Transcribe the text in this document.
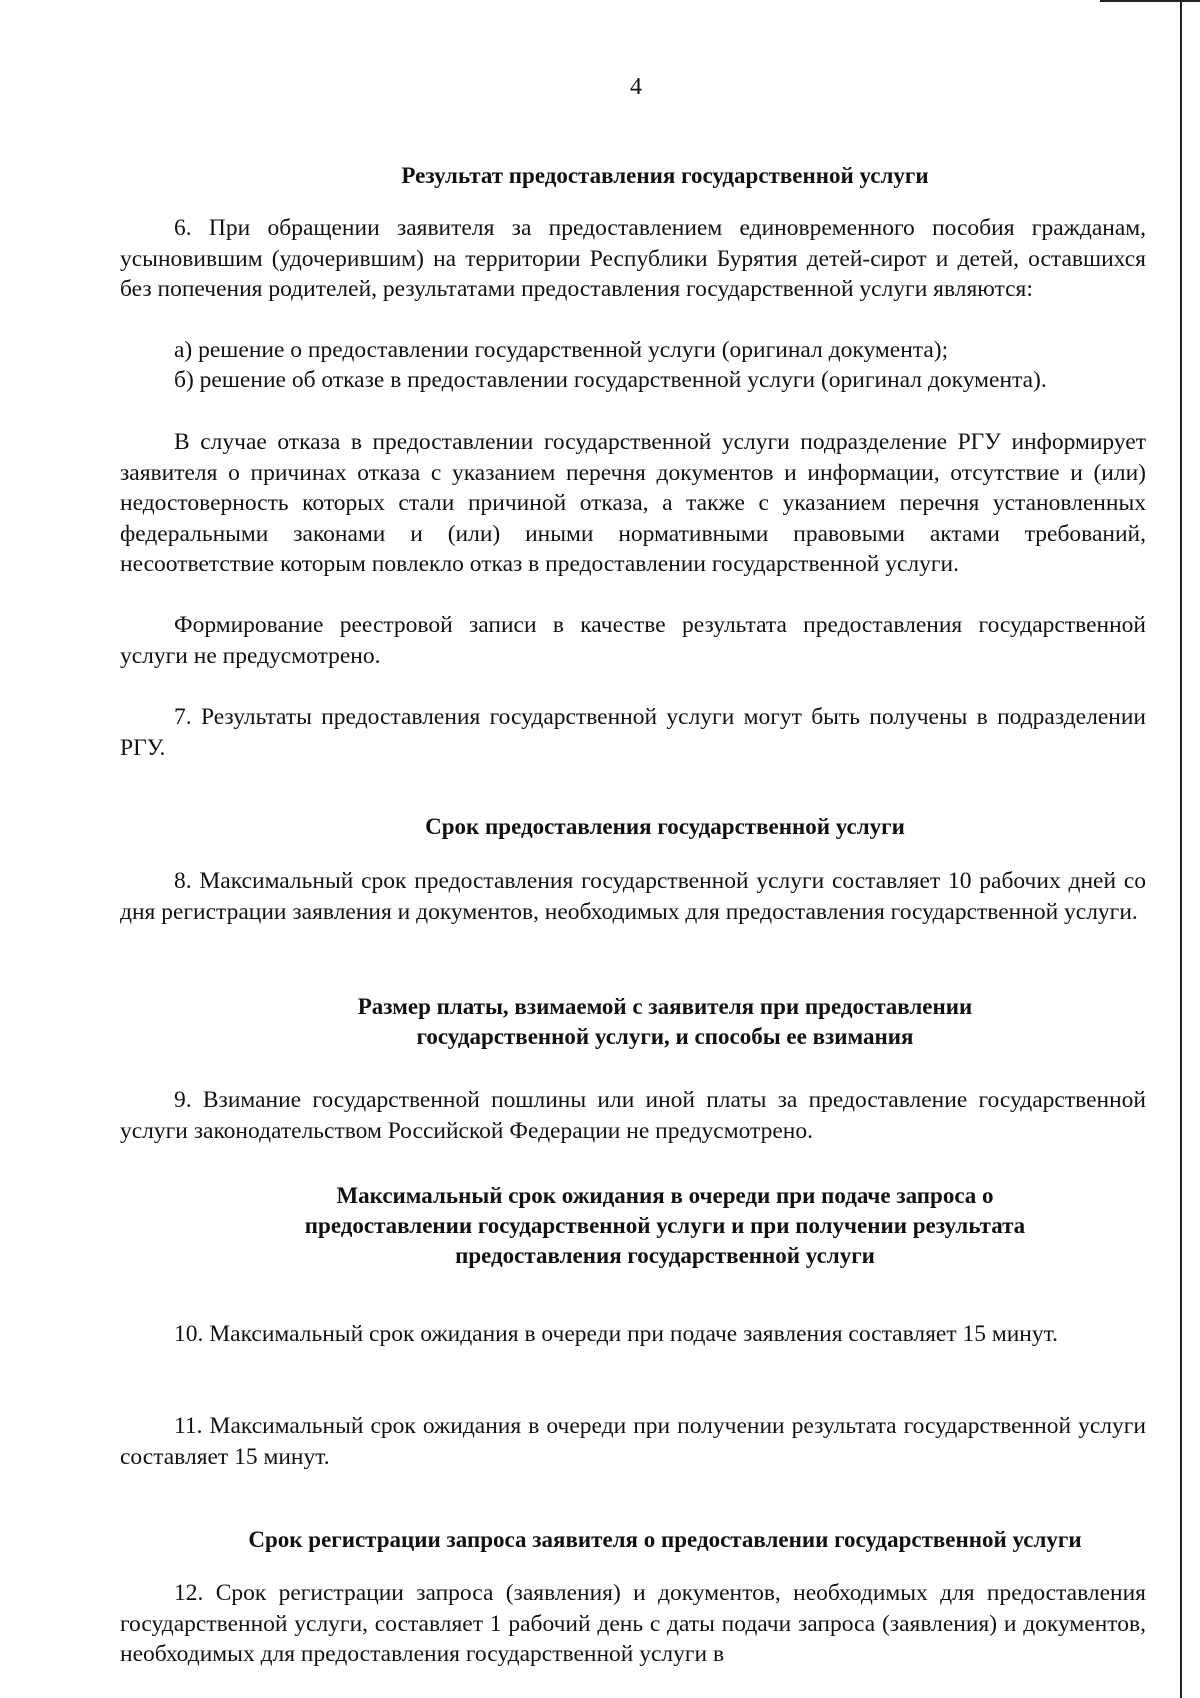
4
Результат предоставления государственной услуги
6. При обращении заявителя за предоставлением единовременного пособия гражданам, усыновившим (удочерившим) на территории Республики Бурятия детей-сирот и детей, оставшихся без попечения родителей, результатами предоставления государственной услуги являются:
а) решение о предоставлении государственной услуги (оригинал документа);
б) решение об отказе в предоставлении государственной услуги (оригинал документа).
В случае отказа в предоставлении государственной услуги подразделение РГУ информирует заявителя о причинах отказа с указанием перечня документов и информации, отсутствие и (или) недостоверность которых стали причиной отказа, а также с указанием перечня установленных федеральными законами и (или) иными нормативными правовыми актами требований, несоответствие которым повлекло отказ в предоставлении государственной услуги.
Формирование реестровой записи в качестве результата предоставления государственной услуги не предусмотрено.
7. Результаты предоставления государственной услуги могут быть получены в подразделении РГУ.
Срок предоставления государственной услуги
8. Максимальный срок предоставления государственной услуги составляет 10 рабочих дней со дня регистрации заявления и документов, необходимых для предоставления государственной услуги.
Размер платы, взимаемой с заявителя при предоставлении
государственной услуги, и способы ее взимания
9. Взимание государственной пошлины или иной платы за предоставление государственной услуги законодательством Российской Федерации не предусмотрено.
Максимальный срок ожидания в очереди при подаче запроса о
предоставлении государственной услуги и при получении результата
предоставления государственной услуги
10. Максимальный срок ожидания в очереди при подаче заявления составляет 15 минут.
11. Максимальный срок ожидания в очереди при получении результата государственной услуги составляет 15 минут.
Срок регистрации запроса заявителя о предоставлении государственной услуги
12. Срок регистрации запроса (заявления) и документов, необходимых для предоставления государственной услуги, составляет 1 рабочий день с даты подачи запроса (заявления) и документов, необходимых для предоставления государственной услуги в
